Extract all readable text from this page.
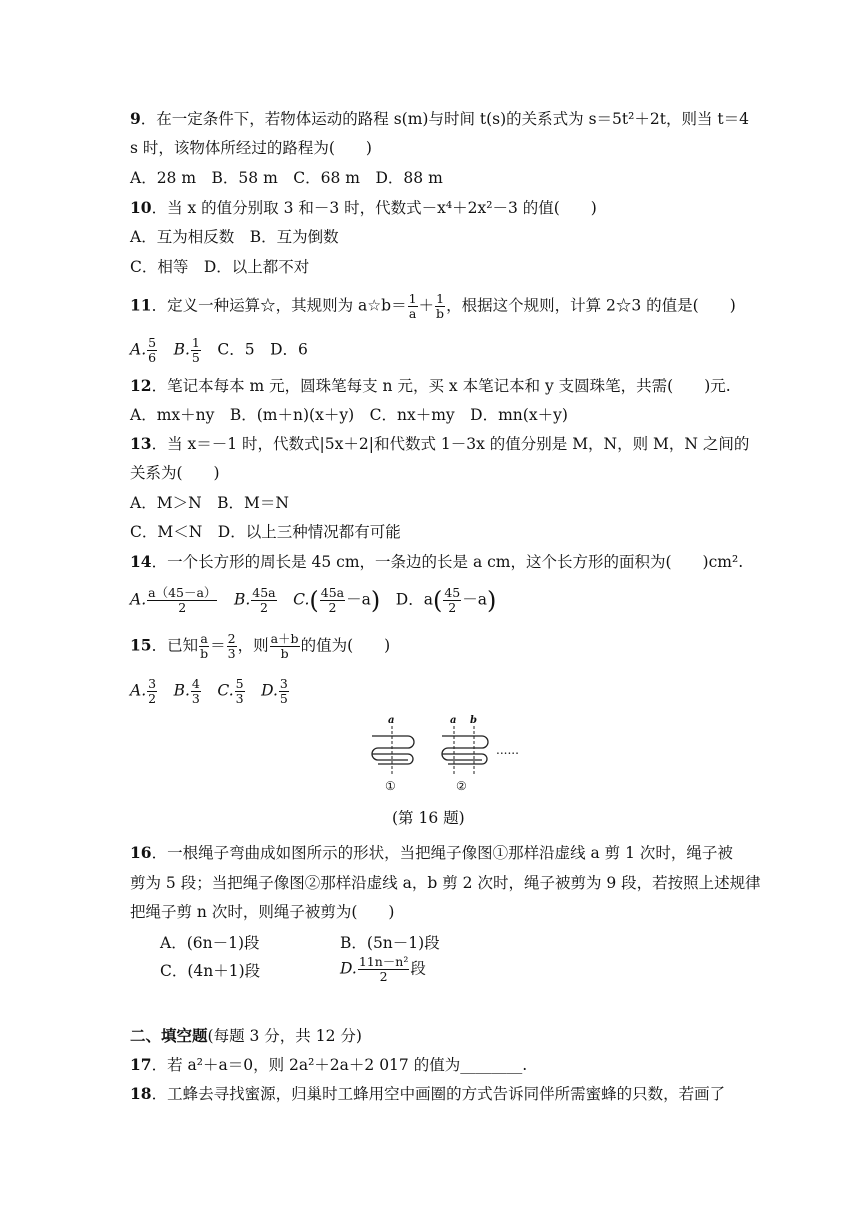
9．在一定条件下，若物体运动的路程 s(m)与时间 t(s)的关系式为 s＝5t²＋2t，则当 t＝4
s 时，该物体所经过的路程为(　　)
A．28 m　B．58 m　C．68 m　D．88 m
10．当 x 的值分别取 3 和－3 时，代数式－x⁴＋2x²－3 的值(　　)
A．互为相反数　B．互为倒数
C．相等　D．以上都不对
11．定义一种运算☆，其规则为 a☆b＝ $\frac{1}{a} + \frac{1}{b}$ ，根据这个规则，计算 2☆3 的值是(　　)
A. $\frac{5}{6}$
　 B. $\frac{1}{5}$
　 C．5　D．6
12．笔记本每本 m 元，圆珠笔每支 n 元，买 x 本笔记本和 y 支圆珠笔，共需(　　)元.
A．mx＋ny　B．(m＋n)(x＋y)　C．nx＋my　D．mn(x＋y)
13．当 x＝－1 时，代数式|5x＋2|和代数式 1－3x 的值分别是 M，N，则 M，N 之间的
关系为(　　)
A．M＞N　B．M＝N
C．M＜N　D．以上三种情况都有可能
14．一个长方形的周长是 45 cm，一条边的长是 a cm，这个长方形的面积为(　　)cm².
A. $\frac{a(45-a)}{2}$
　 B. $\frac{45a}{2}$
　 $C.( \frac{45a}{2} -a)$　 D．$a( \frac{45}{2} -a)$
15．已知 $\frac{a}{b} = \frac{2}{3}$ ，则 $\frac{a+b}{b}$ 的值为(　　)
A. $\frac{3}{2}$
　 B. $\frac{4}{3}$
　 C. $\frac{5}{3}$
　 D. $\frac{3}{5}$
a	a b
......
①	②
(第 16 题)
16．一根绳子弯曲成如图所示的形状，当把绳子像图①那样沿虚线 a 剪 1 次时，绳子被
剪为 5 段；当把绳子像图②那样沿虚线 a，b 剪 2 次时，绳子被剪为 9 段，若按照上述规律
把绳子剪 n 次时，则绳子被剪为(　　)
A．(6n－1)段	B．(5n－1)段
C．(4n＋1)段	D. $\frac{\text{11n－n²}}{2}$ 段
二、填空题(每题 3 分，共 12 分)
17．若 a²＋a＝0，则 2a²＋2a＋2 017 的值为________.
18．工蜂去寻找蜜源，归巢时工蜂用空中画圈的方式告诉同伴所需蜜蜂的只数，若画了
